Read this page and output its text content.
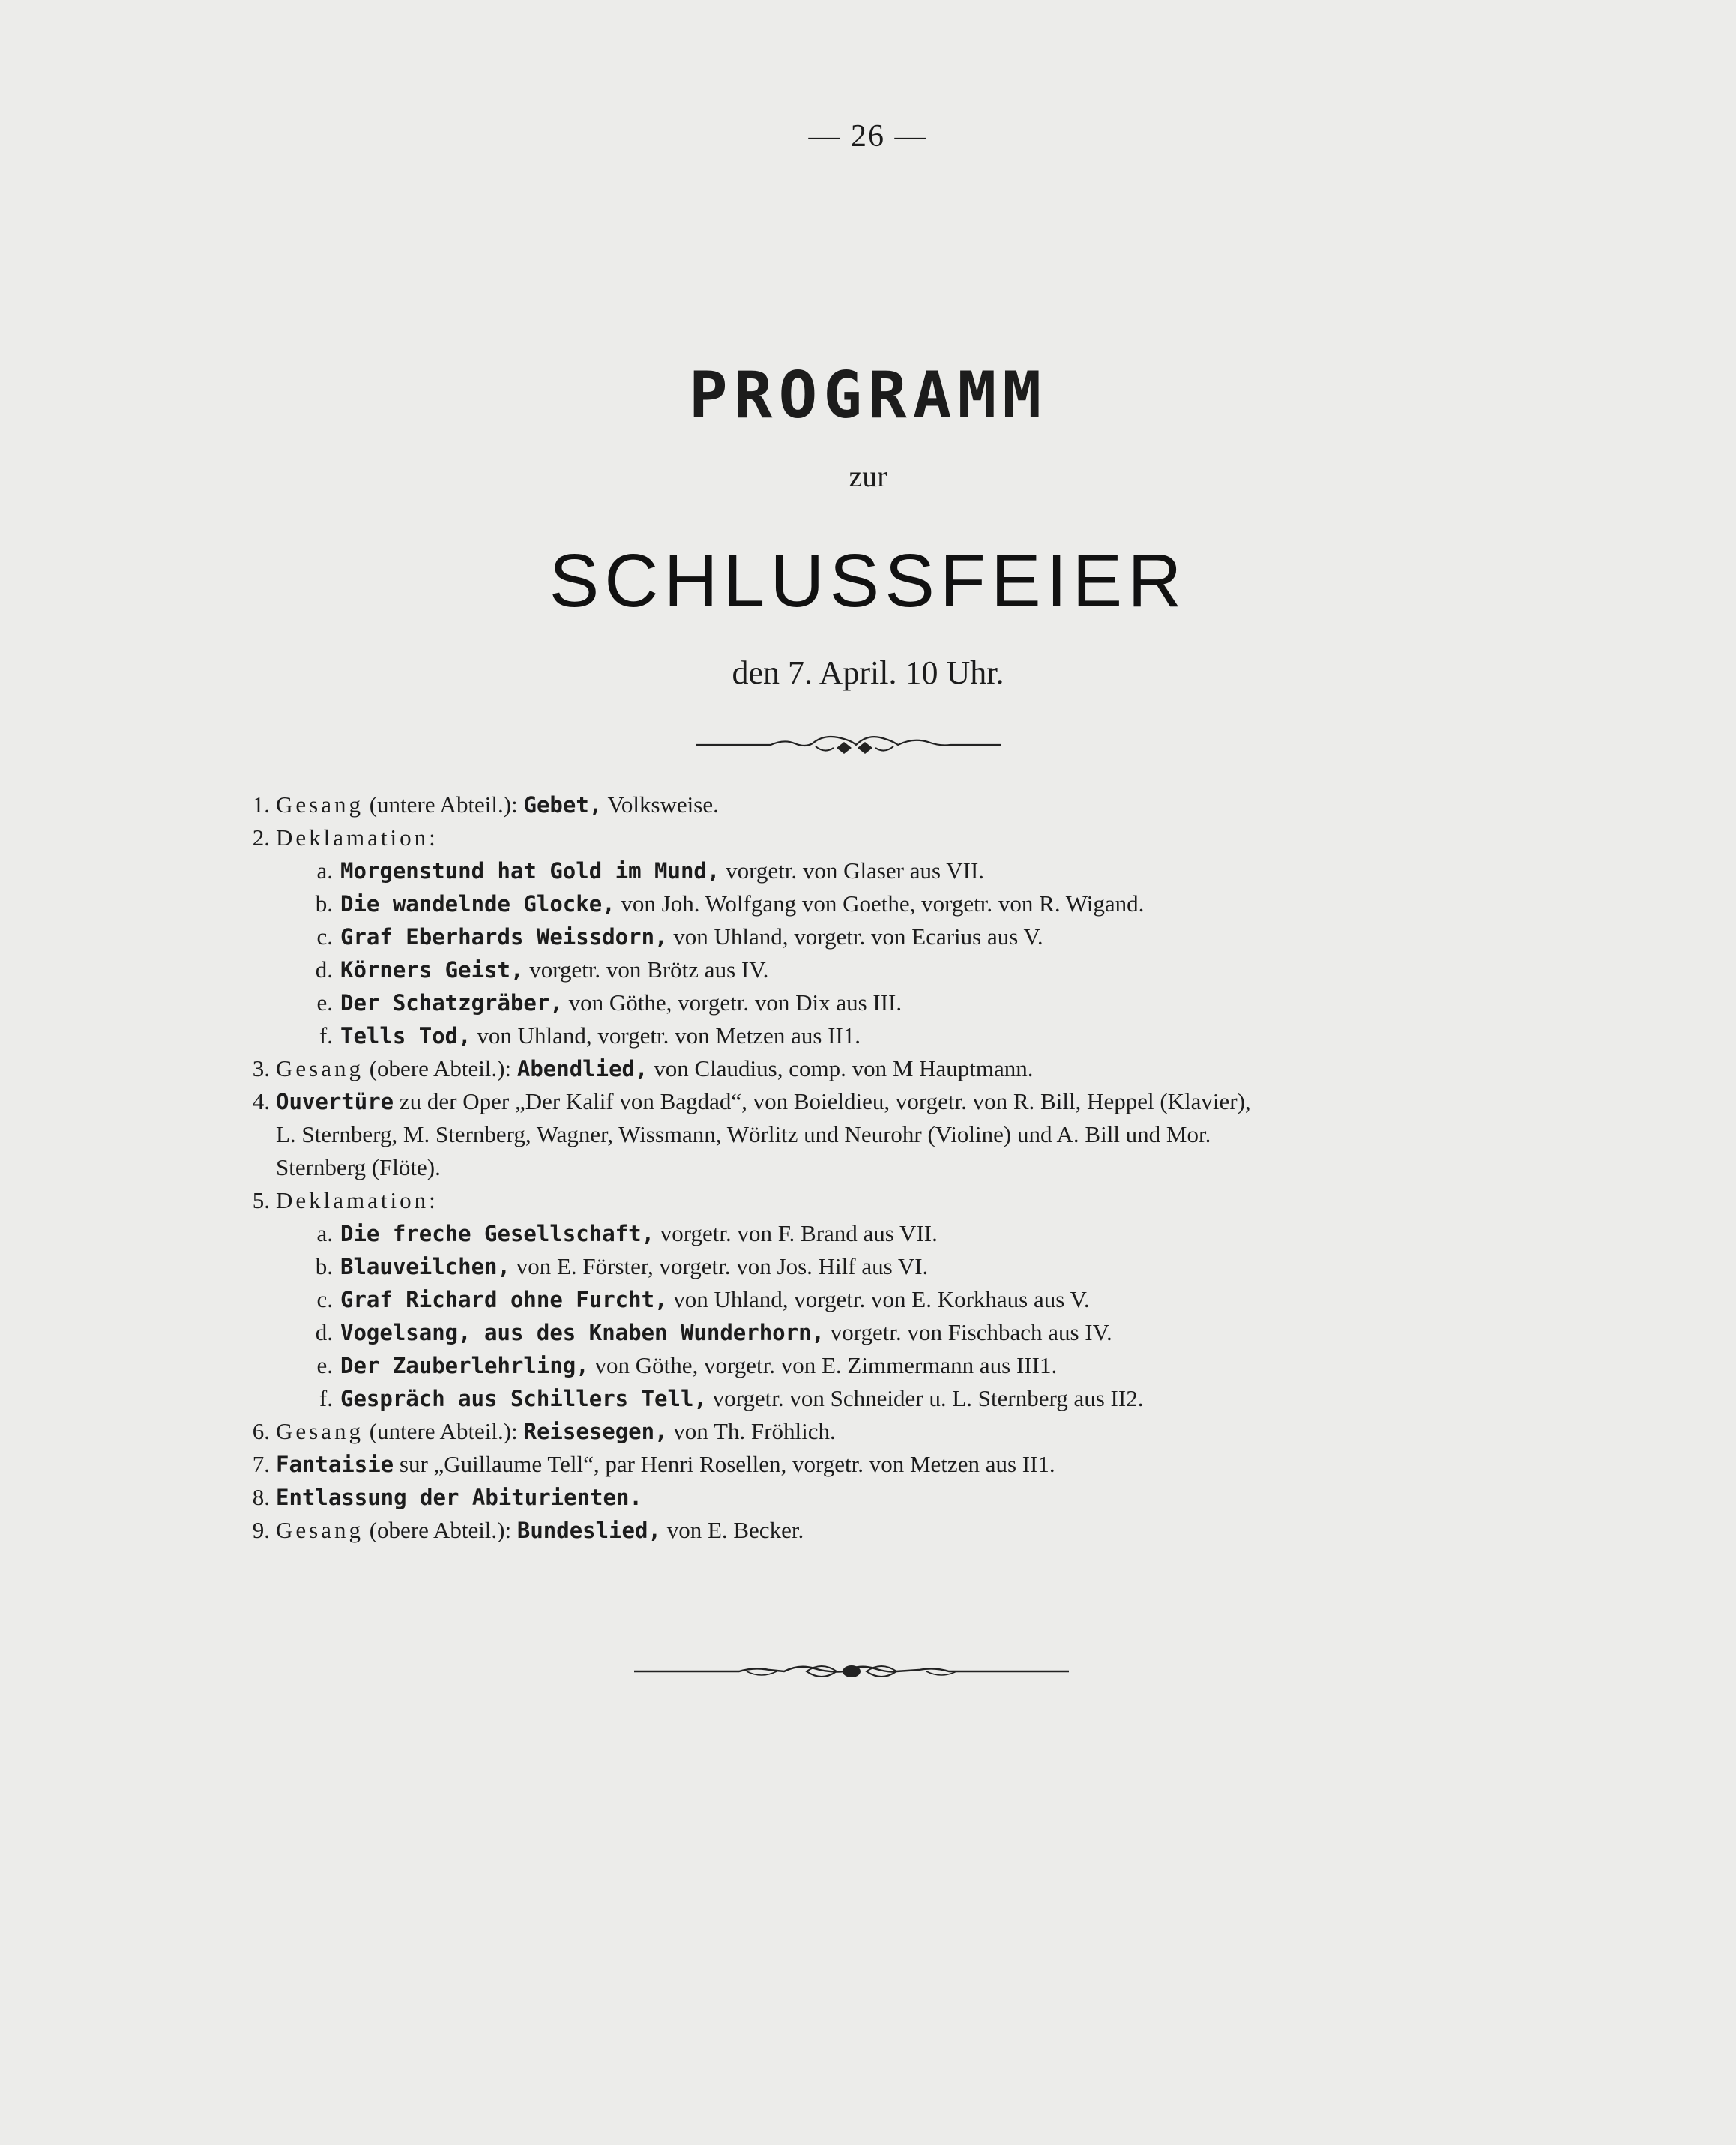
— 26 —
PROGRAMM
zur
SCHLUSSFEIER
den 7. April. 10 Uhr.
1. Gesang (untere Abteil.): Gebet, Volksweise.
2. Deklamation:
a. Morgenstund hat Gold im Mund, vorgetr. von Glaser aus VII.
b. Die wandelnde Glocke, von Joh. Wolfgang von Goethe, vorgetr. von R. Wigand.
c. Graf Eberhards Weissdorn, von Uhland, vorgetr. von Ecarius aus V.
d. Körners Geist, vorgetr. von Brötz aus IV.
e. Der Schatzgräber, von Göthe, vorgetr. von Dix aus III.
f. Tells Tod, von Uhland, vorgetr. von Metzen aus II1.
3. Gesang (obere Abteil.): Abendlied, von Claudius, comp. von M Hauptmann.
4. Ouvertüre zu der Oper „Der Kalif von Bagdad“, von Boieldieu, vorgetr. von R. Bill, Heppel (Klavier),
L. Sternberg, M. Sternberg, Wagner, Wissmann, Wörlitz und Neurohr (Violine) und A. Bill und Mor.
Sternberg (Flöte).
5. Deklamation:
a. Die freche Gesellschaft, vorgetr. von F. Brand aus VII.
b. Blauveilchen, von E. Förster, vorgetr. von Jos. Hilf aus VI.
c. Graf Richard ohne Furcht, von Uhland, vorgetr. von E. Korkhaus aus V.
d. Vogelsang, aus des Knaben Wunderhorn, vorgetr. von Fischbach aus IV.
e. Der Zauberlehrling, von Göthe, vorgetr. von E. Zimmermann aus III1.
f. Gespräch aus Schillers Tell, vorgetr. von Schneider u. L. Sternberg aus II2.
6. Gesang (untere Abteil.): Reisesegen, von Th. Fröhlich.
7. Fantaisie sur „Guillaume Tell“, par Henri Rosellen, vorgetr. von Metzen aus II1.
8. Entlassung der Abiturienten.
9. Gesang (obere Abteil.): Bundeslied, von E. Becker.
